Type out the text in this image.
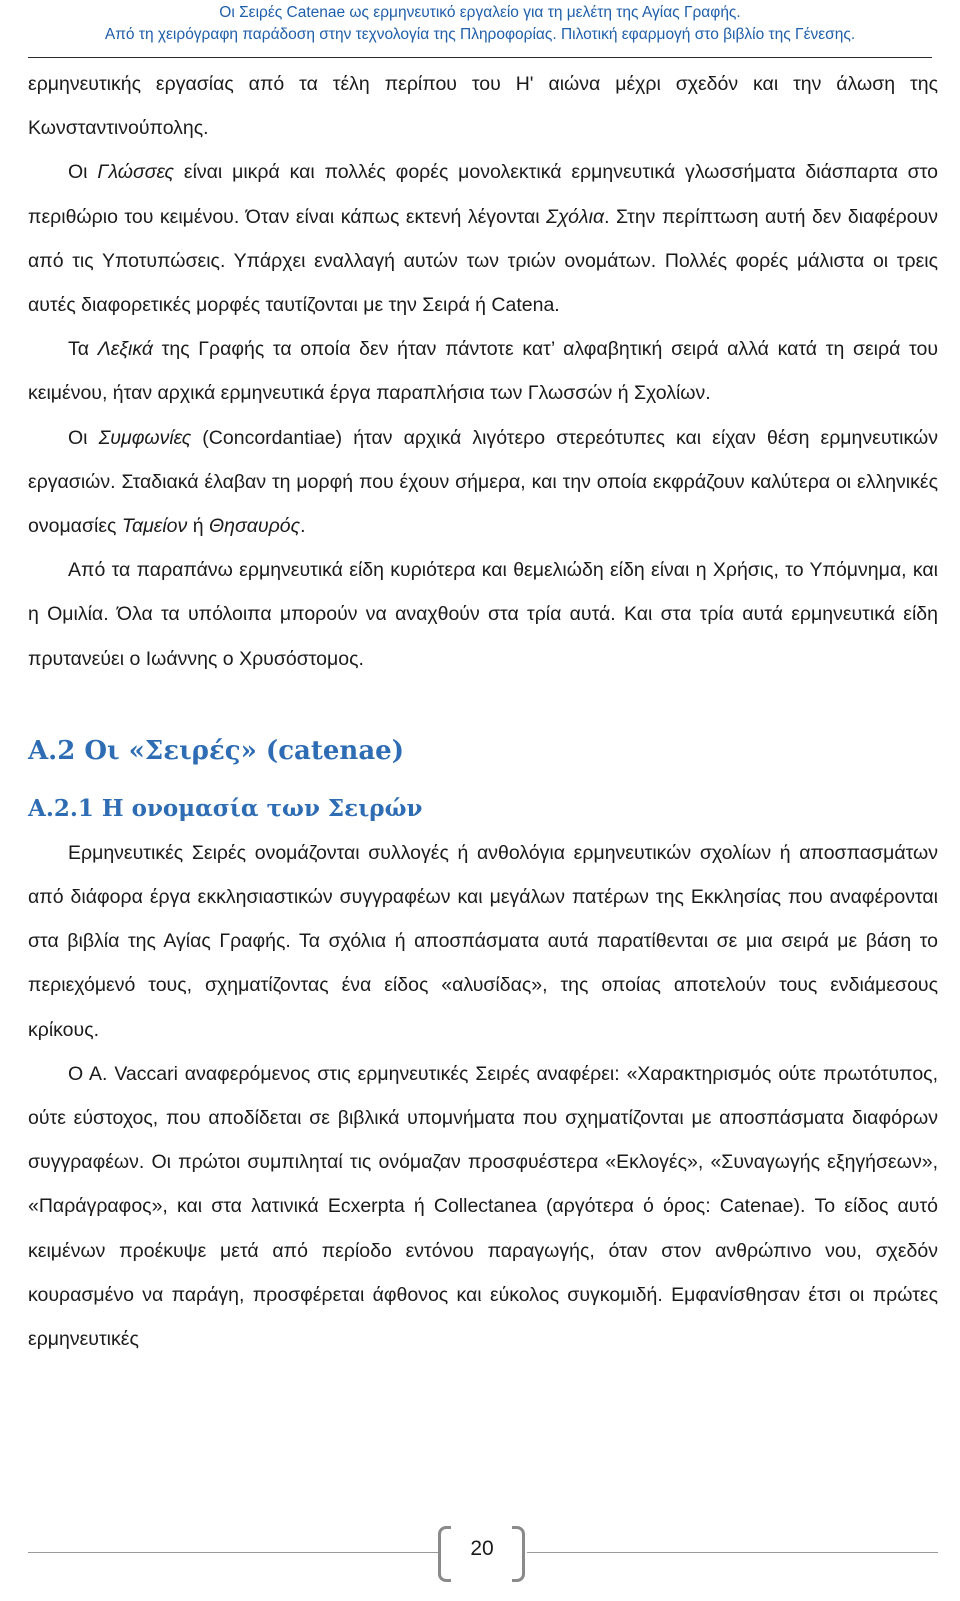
Οι Σειρές Catenae ως ερμηνευτικό εργαλείο για τη μελέτη της Αγίας Γραφής.
Από τη χειρόγραφη παράδοση στην τεχνολογία της Πληροφορίας. Πιλοτική εφαρμογή στο βιβλίο της Γένεσης.

ερμηνευτικής εργασίας από τα τέλη περίπου του Η' αιώνα μέχρι σχεδόν και την άλωση της Κωνσταντινούπολης.

Οι Γλώσσες είναι μικρά και πολλές φορές μονολεκτικά ερμηνευτικά γλωσσήματα διάσπαρτα στο περιθώριο του κειμένου. Όταν είναι κάπως εκτενή λέγονται Σχόλια. Στην περίπτωση αυτή δεν διαφέρουν από τις Υποτυπώσεις. Υπάρχει εναλλαγή αυτών των τριών ονομάτων. Πολλές φορές μάλιστα οι τρεις αυτές διαφορετικές μορφές ταυτίζονται με την Σειρά ή Catena.

Τα Λεξικά της Γραφής τα οποία δεν ήταν πάντοτε κατ’ αλφαβητική σειρά αλλά κατά τη σειρά του κειμένου, ήταν αρχικά ερμηνευτικά έργα παραπλήσια των Γλωσσών ή Σχολίων.

Οι Συμφωνίες (Concordantiae) ήταν αρχικά λιγότερο στερεότυπες και είχαν θέση ερμηνευτικών εργασιών. Σταδιακά έλαβαν τη μορφή που έχουν σήμερα, και την οποία εκφράζουν καλύτερα οι ελληνικές ονομασίες Ταμείον ή Θησαυρός.

Από τα παραπάνω ερμηνευτικά είδη κυριότερα και θεμελιώδη είδη είναι η Χρήσις, το Υπόμνημα, και η Ομιλία. Όλα τα υπόλοιπα μπορούν να αναχθούν στα τρία αυτά. Και στα τρία αυτά ερμηνευτικά είδη πρυτανεύει ο Ιωάννης ο Χρυσόστομος.

Α.2 Οι «Σειρές» (catenae)
Α.2.1 Η ονομασία των Σειρών

Ερμηνευτικές Σειρές ονομάζονται συλλογές ή ανθολόγια ερμηνευτικών σχολίων ή αποσπασμάτων από διάφορα έργα εκκλησιαστικών συγγραφέων και μεγάλων πατέρων της Εκκλησίας που αναφέρονται στα βιβλία της Αγίας Γραφής. Τα σχόλια ή αποσπάσματα αυτά παρατίθενται σε μια σειρά με βάση το περιεχόμενό τους, σχηματίζοντας ένα είδος «αλυσίδας», της οποίας αποτελούν τους ενδιάμεσους κρίκους.

Ο Α. Vaccari αναφερόμενος στις ερμηνευτικές Σειρές αναφέρει: «Χαρακτηρισμός ούτε πρωτότυπος, ούτε εύστοχος, που αποδίδεται σε βιβλικά υπομνήματα που σχηματίζονται με αποσπάσματα διαφόρων συγγραφέων. Οι πρώτοι συμπιληταί τις ονόμαζαν προσφυέστερα «Εκλογές», «Συναγωγής εξηγήσεων», «Παράγραφος», και στα λατινικά Ecxerpta ή Collectanea (αργότερα ό όρος: Catenae). Το είδος αυτό κειμένων προέκυψε μετά από περίοδο εντόνου παραγωγής, όταν στον ανθρώπινο νου, σχεδόν κουρασμένο να παράγη, προσφέρεται άφθονος και εύκολος συγκομιδή. Εμφανίσθησαν έτσι οι πρώτες ερμηνευτικές

20
